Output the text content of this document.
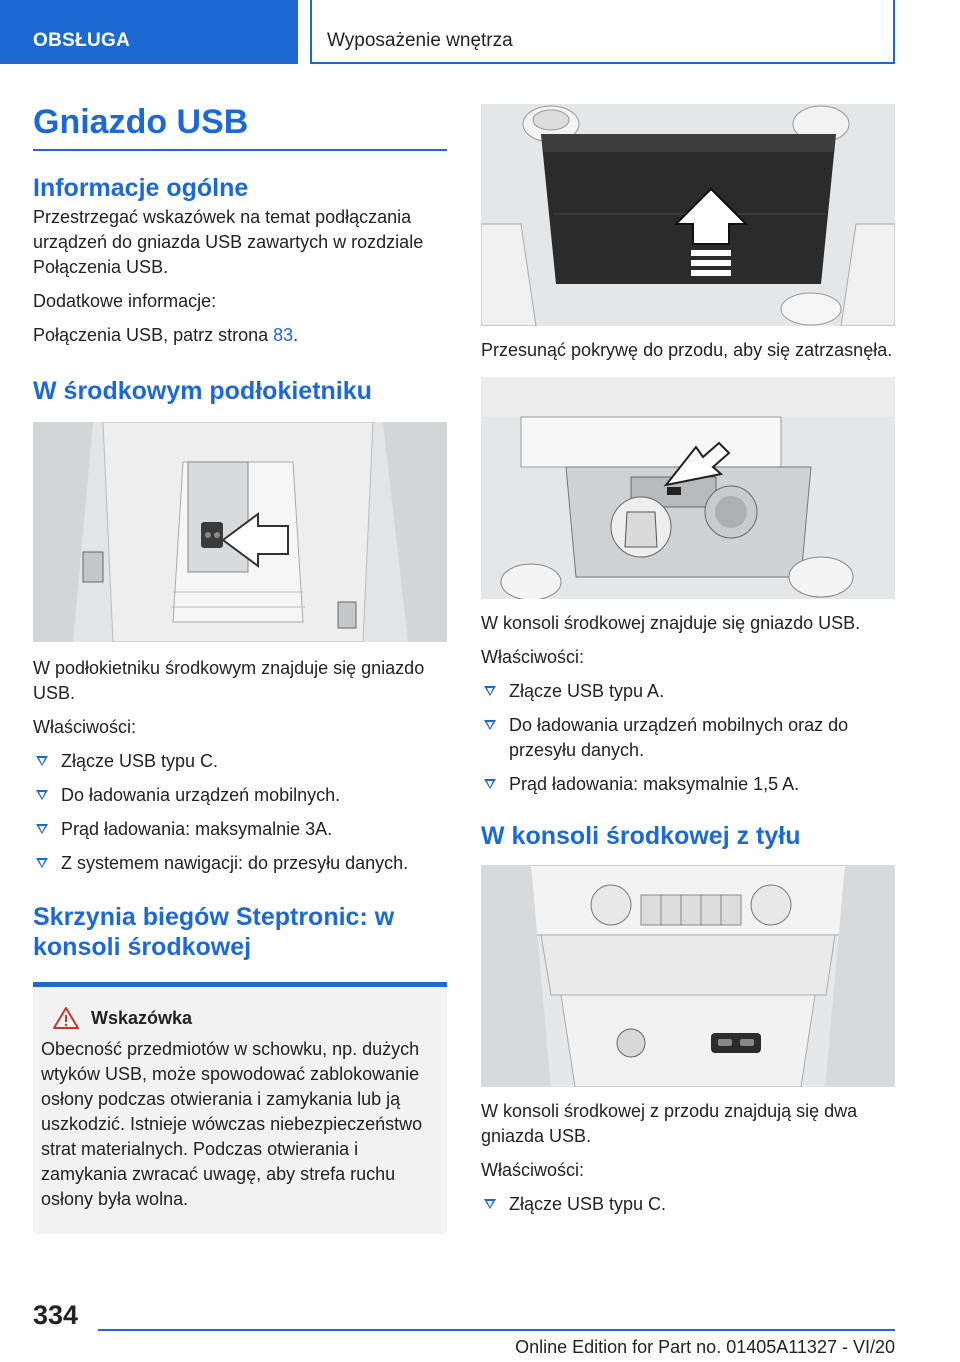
OBSŁUGA	Wyposażenie wnętrza
Gniazdo USB
Informacje ogólne

Przestrzegać wskazówek na temat podłączania urządzeń do gniazda USB zawartych w rozdziale Połączenia USB.

Dodatkowe informacje:

Połączenia USB, patrz strona 83.

W środkowym podłokietniku

W podłokietniku środkowym znajduje się gniazdo USB.

Właściwości:

Złącze USB typu C.
Do ładowania urządzeń mobilnych.
Prąd ładowania: maksymalnie 3A.
Z systemem nawigacji: do przesyłu danych.
Skrzynia biegów Steptronic: w konsoli środkowej
Wskazówka

Obecność przedmiotów w schowku, np. dużych wtyków USB, może spowodować zablokowanie osłony podczas otwierania i zamykania lub ją uszkodzić. Istnieje wówczas niebezpieczeństwo strat materialnych. Podczas otwierania i zamykania zwracać uwagę, aby strefa ruchu osłony była wolna.

Przesunąć pokrywę do przodu, aby się zatrzasnęła.

W konsoli środkowej znajduje się gniazdo USB.

Właściwości:

Złącze USB typu A.
Do ładowania urządzeń mobilnych oraz do przesyłu danych.
Prąd ładowania: maksymalnie 1,5 A.
W konsoli środkowej z tyłu

W konsoli środkowej z przodu znajdują się dwa gniazda USB.

Właściwości:

Złącze USB typu C.
334
Online Edition for Part no. 01405A11327 - VI/20
